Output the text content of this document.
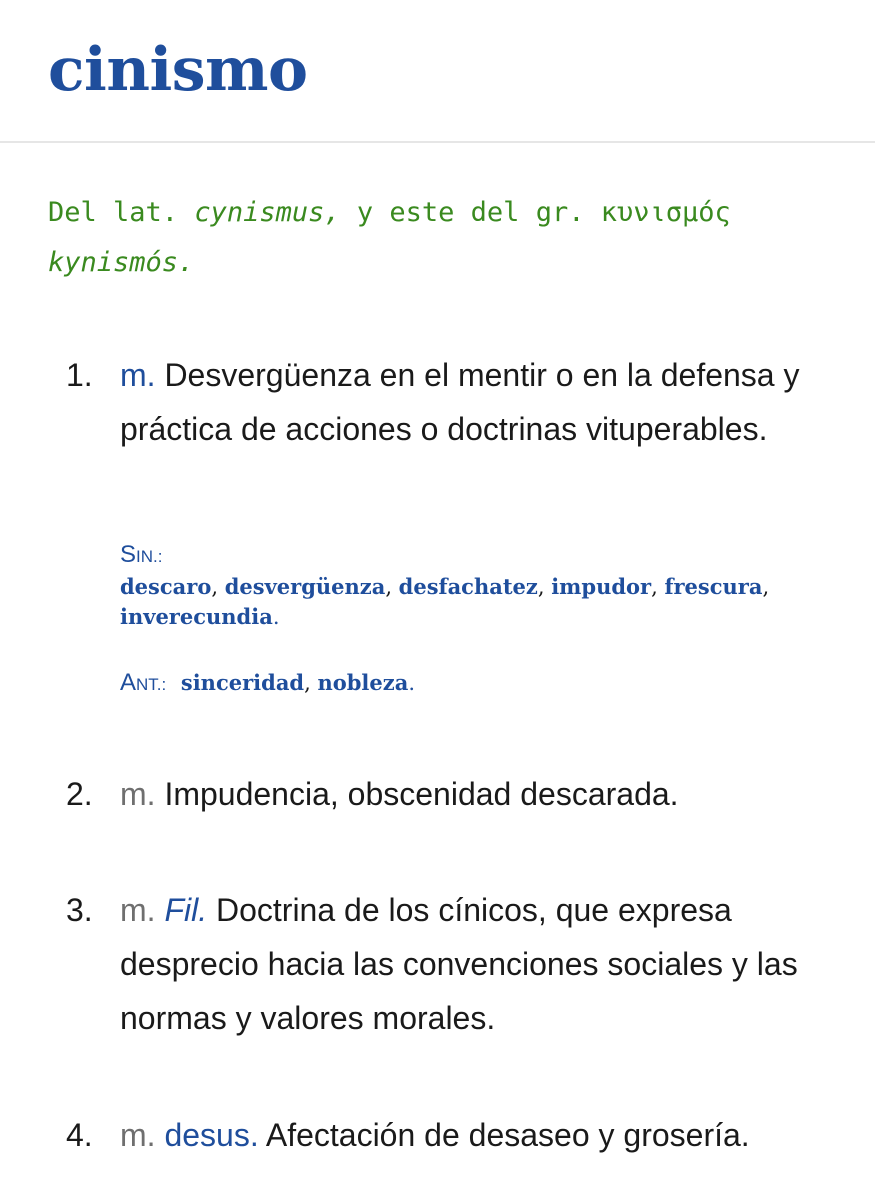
cinismo
Del lat. cynismus, y este del gr. κυνισμός
kynismós.
1. m. Desvergüenza en el mentir o en la defensa y práctica de acciones o doctrinas vituperables.
SIN.:
descaro, desvergüenza, desfachatez, impudor, frescura, inverecundia.
ANT.: sinceridad, nobleza.
2. m. Impudencia, obscenidad descarada.
3. m. Fil. Doctrina de los cínicos, que expresa desprecio hacia las convenciones sociales y las normas y valores morales.
4. m. desus. Afectación de desaseo y grosería.
